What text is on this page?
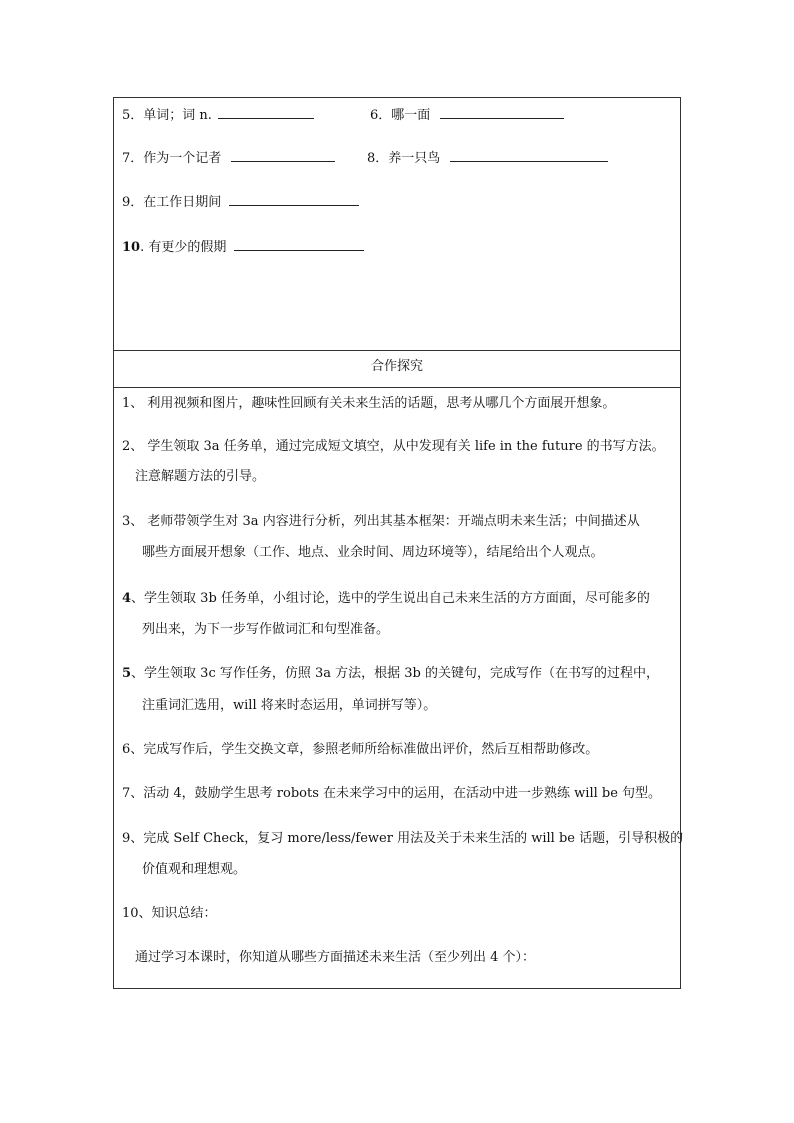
5．单词；词 n.	6．哪一面
7．作为一个记者	8．养一只鸟
9．在工作日期间
10. 有更少的假期
合作探究
1、 利用视频和图片，趣味性回顾有关未来生活的话题，思考从哪几个方面展开想象。
2、 学生领取 3a 任务单，通过完成短文填空，从中发现有关 life in the future 的书写方法。
注意解题方法的引导。
3、 老师带领学生对 3a 内容进行分析，列出其基本框架：开端点明未来生活；中间描述从
哪些方面展开想象（工作、地点、业余时间、周边环境等），结尾给出个人观点。
4、学生领取 3b 任务单，小组讨论，选中的学生说出自己未来生活的方方面面，尽可能多的
列出来，为下一步写作做词汇和句型准备。
5、学生领取 3c 写作任务，仿照 3a 方法，根据 3b 的关键句，完成写作（在书写的过程中，
注重词汇选用，will 将来时态运用，单词拼写等）。
6、完成写作后，学生交换文章，参照老师所给标准做出评价，然后互相帮助修改。
7、活动 4，鼓励学生思考 robots 在未来学习中的运用，在活动中进一步熟练 will be 句型。
9、完成 Self Check，复习 more/less/fewer 用法及关于未来生活的 will be 话题，引导积极的
价值观和理想观。
10、知识总结：
通过学习本课时，你知道从哪些方面描述未来生活（至少列出 4 个）：
